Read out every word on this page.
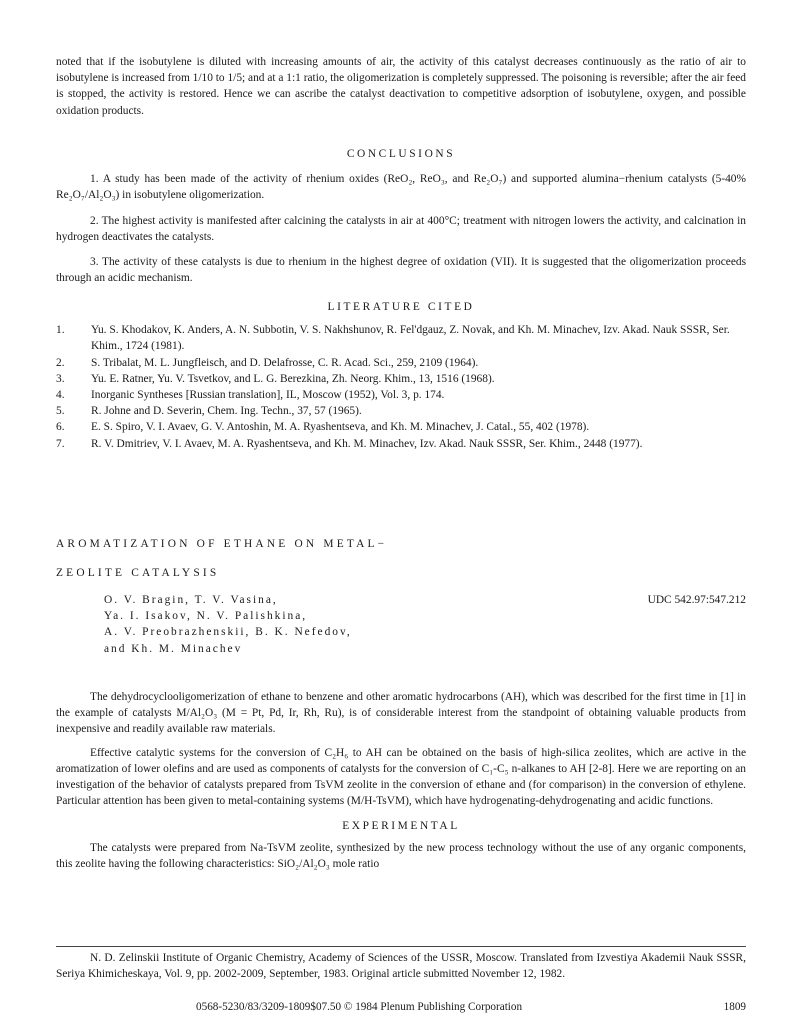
noted that if the isobutylene is diluted with increasing amounts of air, the activity of this catalyst decreases continuously as the ratio of air to isobutylene is increased from 1/10 to 1/5; and at a 1:1 ratio, the oligomerization is completely suppressed. The poisoning is reversible; after the air feed is stopped, the activity is restored. Hence we can ascribe the catalyst deactivation to competitive adsorption of isobutylene, oxygen, and possible oxidation products.

CONCLUSIONS

1. A study has been made of the activity of rhenium oxides (ReO₂, ReO₃, and Re₂O₇) and supported alumina−rhenium catalysts (5-40% Re₂O₇/Al₂O₃) in isobutylene oligomerization.

2. The highest activity is manifested after calcining the catalysts in air at 400°C; treatment with nitrogen lowers the activity, and calcination in hydrogen deactivates the catalysts.

3. The activity of these catalysts is due to rhenium in the highest degree of oxidation (VII). It is suggested that the oligomerization proceeds through an acidic mechanism.

LITERATURE CITED
1. Yu. S. Khodakov, K. Anders, A. N. Subbotin, V. S. Nakhshunov, R. Fel'dgauz, Z. Novak, and Kh. M. Minachev, Izv. Akad. Nauk SSSR, Ser. Khim., 1724 (1981).
2. S. Tribalat, M. L. Jungfleisch, and D. Delafrosse, C. R. Acad. Sci., 259, 2109 (1964).
3. Yu. E. Ratner, Yu. V. Tsvetkov, and L. G. Berezkina, Zh. Neorg. Khim., 13, 1516 (1968).
4. Inorganic Syntheses [Russian translation], IL, Moscow (1952), Vol. 3, p. 174.
5. R. Johne and D. Severin, Chem. Ing. Techn., 37, 57 (1965).
6. E. S. Spiro, V. I. Avaev, G. V. Antoshin, M. A. Ryashentseva, and Kh. M. Minachev, J. Catal., 55, 402 (1978).
7. R. V. Dmitriev, V. I. Avaev, M. A. Ryashentseva, and Kh. M. Minachev, Izv. Akad. Nauk SSSR, Ser. Khim., 2448 (1977).
AROMATIZATION OF ETHANE ON METAL−
ZEOLITE CATALYSIS
O. V. Bragin, T. V. Vasina,
Ya. I. Isakov, N. V. Palishkina,
A. V. Preobrazhenskii, B. K. Nefedov,
and Kh. M. Minachev
UDC 542.97:547.212

The dehydrocyclooligomerization of ethane to benzene and other aromatic hydrocarbons (AH), which was described for the first time in [1] in the example of catalysts M/Al₂O₃ (M = Pt, Pd, Ir, Rh, Ru), is of considerable interest from the standpoint of obtaining valuable products from inexpensive and readily available raw materials.

Effective catalytic systems for the conversion of C₂H₆ to AH can be obtained on the basis of high-silica zeolites, which are active in the aromatization of lower olefins and are used as components of catalysts for the conversion of C₁-C₅ n-alkanes to AH [2-8]. Here we are reporting on an investigation of the behavior of catalysts prepared from TsVM zeolite in the conversion of ethane and (for comparison) in the conversion of ethylene. Particular attention has been given to metal-containing systems (M/H-TsVM), which have hydrogenating-dehydrogenating and acidic functions.

EXPERIMENTAL

The catalysts were prepared from Na-TsVM zeolite, synthesized by the new process technology without the use of any organic components, this zeolite having the following characteristics: SiO₂/Al₂O₃ mole ratio

N. D. Zelinskii Institute of Organic Chemistry, Academy of Sciences of the USSR, Moscow. Translated from Izvestiya Akademii Nauk SSSR, Seriya Khimicheskaya, Vol. 9, pp. 2002-2009, September, 1983. Original article submitted November 12, 1982.

0568-5230/83/3209-1809$07.50 © 1984 Plenum Publishing Corporation	1809
